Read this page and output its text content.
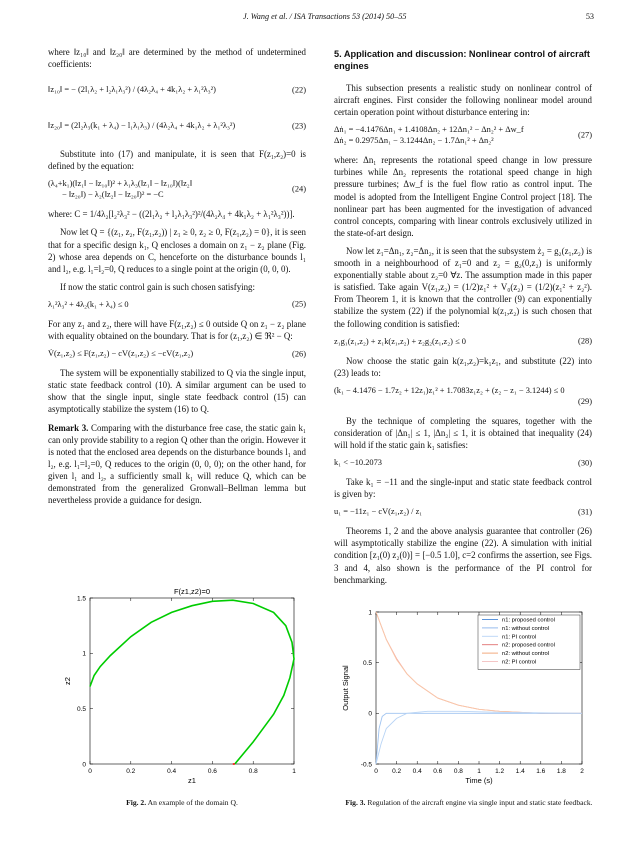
J. Wang et al. / ISA Transactions 53 (2014) 50–55	53

where ‖z₁₀‖ and ‖z₂₀‖ are determined by the method of undetermined coefficients:

‖z₁₀‖ = − (2l₁λ₂ + l₂λ₁λ₃²) / (4λ₂λ₄ + 4k₁λ₂ + λ₁²λ₃²)	(22)
‖z₂₀‖ = (2l₂λ₃(k₁ + λ₄) − l₁λ₁λ₃) / (4λ₂λ₄ + 4k₁λ₂ + λ₁²λ₃²)	(23)

Substitute into (17) and manipulate, it is seen that F(z₁,z₂)=0 is defined by the equation:

(λ₄+k₁)(‖z₁‖ − ‖z₁₀‖)² + λ₁λ₃(‖z₁‖ − ‖z₁₀‖)(‖z₂‖
− ‖z₂₀‖) − λ₂(‖z₂‖ − ‖z₂₀‖)² = −C
(24)

where: C = 1/4λ₂[l₂²λ₃² − ((2l₁λ₂ + l₂λ₁λ₃²)²/(4λ₂λ₄ + 4k₁λ₂ + λ₁²λ₃²))].

Now let Q = {(z₁, z₂, F(z₁,z₂)) | z₁ ≥ 0, z₂ ≥ 0, F(z₁,z₂) = 0}, it is seen that for a specific design k₁, Q encloses a domain on z₁ − z₂ plane (Fig. 2) whose area depends on C, henceforte on the disturbance bounds l₁ and l₂, e.g. l₁=l₂=0, Q reduces to a single point at the origin (0, 0, 0).

If now the static control gain is such chosen satisfying:

λ₁²λ₃² + 4λ₂(k₁ + λ₄) ≤ 0	(25)

For any z₁ and z₂, there will have F(z₁,z₂) ≤ 0 outside Q on z₁ − z₂ plane with equality obtained on the boundary. That is for (z₁,z₂) ∈ ℜ² − Q:

V̇(z₁,z₂) ≤ F(z₁,z₂) − cV(z₁,z₂) ≤ −cV(z₁,z₂)	(26)

The system will be exponentially stabilized to Q via the single input, static state feedback control (10). A similar argument can be used to show that the single input, single state feedback control (15) can asymptotically stabilize the system (16) to Q.

Remark 3. Comparing with the disturbance free case, the static gain k₁ can only provide stability to a region Q other than the origin. However it is noted that the enclosed area depends on the disturbance bounds l₁ and l₂, e.g. l₁=l₂=0, Q reduces to the origin (0, 0, 0); on the other hand, for given l₁ and l₂, a sufficiently small k₁ will reduce Q, which can be demonstrated from the generalized Gronwall–Bellman lemma but nevertheless provide a guidance for design.

5. Application and discussion: Nonlinear control of aircraft engines

This subsection presents a realistic study on nonlinear control of aircraft engines. First consider the following nonlinear model around certain operation point without disturbance entering in:

Δṅ₁ = −4.1476Δn₁ + 1.4108Δn₂ + 12Δn₁² − Δn₂² + Δw_f
Δṅ₂ = 0.2975Δn₁ − 3.1244Δn₂ − 1.7Δn₁² + Δn₂²
(27)

where: Δn₁ represents the rotational speed change in low pressure turbines while Δn₂ represents the rotational speed change in high pressure turbines; Δw_f is the fuel flow ratio as control input. The model is adopted from the Intelligent Engine Control project [18]. The nonlinear part has been augmented for the investigation of advanced control concepts, comparing with linear controls exclusively utilized in the state-of-art design.

Now let z₁=Δn₁, z₂=Δn₂, it is seen that the subsystem ż₂ = g₂(z₁,z₂) is smooth in a neighbourhood of z₁=0 and z₂ = g₂(0,z₂) is uniformly exponentially stable about z₂=0 ∀z. The assumption made in this paper is satisfied. Take again V(z₁,z₂) = (1/2)z₁² + V₀(z₂) = (1/2)(z₁² + z₂²). From Theorem 1, it is known that the controller (9) can exponentially stabilize the system (22) if the polynomial k(z₁,z₂) is such chosen that the following condition is satisfied:

z₁g₁(z₁,z₂) + z₁k(z₁,z₂) + z₂g₂(z₁,z₂) ≤ 0	(28)

Now choose the static gain k(z₁,z₂)=k₁z₁, and substitute (22) into (23) leads to:

(k₁ − 4.1476 − 1.7z₂ + 12z₁)z₁² + 1.7083z₁z₂ + (z₂ − z₁ − 3.1244) ≤ 0
(29)

By the technique of completing the squares, together with the consideration of |Δn₁| ≤ 1, |Δn₂| ≤ 1, it is obtained that inequality (24) will hold if the static gain k₁ satisfies:

k₁ < −10.2073	(30)

Take k₁ = −11 and the single-input and static state feedback control is given by:

u₁ = −11z₁ − cV(z₁,z₂) / z₁	(31)

Theorems 1, 2 and the above analysis guarantee that controller (26) will asymptotically stabilize the engine (22). A simulation with initial condition [z₁(0) z₂(0)] = [−0.5 1.0], c=2 confirms the assertion, see Figs. 3 and 4, also shown is the performance of the PI control for benchmarking.

0	0.2	0.4	0.6	0.8	1
0
0.5
1
1.5
F(z1,z2)=0
z1
z2
Fig. 2. An example of the domain Q.
0 0.2 0.4 0.6 0.8 1 1.2 1.4 1.6 1.8 2
-0.5
0
0.5
1
Time (s)
Output Signal
n1: proposed control
n1: without control
n1: PI control
n2: proposed control
n2: without control
n2: PI control
Fig. 3. Regulation of the aircraft engine via single input and static state feedback.
